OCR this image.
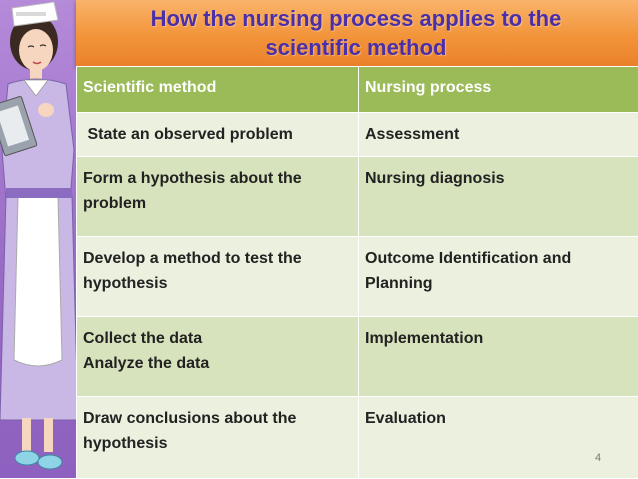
How the nursing process applies to the
scientific method
Scientific method	Nursing process

State an observed problem	Assessment

Form a hypothesis about the
problem	Nursing diagnosis

Develop a method to test the
hypothesis	Outcome Identification and
Planning

Collect the data
Analyze the data	Implementation

Draw conclusions about the
hypothesis	Evaluation
4
